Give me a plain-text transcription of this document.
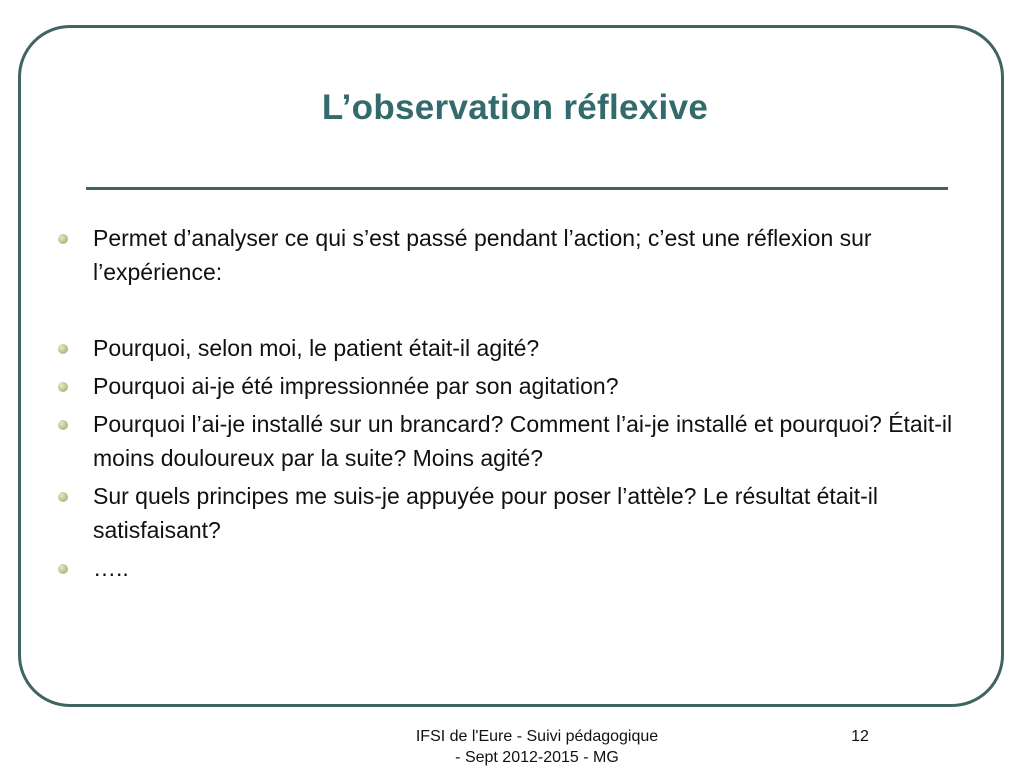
L’observation réflexive
Permet d’analyser ce qui s’est passé pendant l’action; c’est une réflexion sur l’expérience:
Pourquoi, selon moi, le patient était-il agité?
Pourquoi ai-je été impressionnée par son agitation?
Pourquoi l’ai-je installé sur un brancard? Comment l’ai-je installé et pourquoi? Était-il moins douloureux par la suite? Moins agité?
Sur quels principes me suis-je appuyée pour poser l’attèle? Le résultat était-il satisfaisant?
…..
IFSI de l'Eure - Suivi pédagogique
- Sept 2012-2015 - MG
12
